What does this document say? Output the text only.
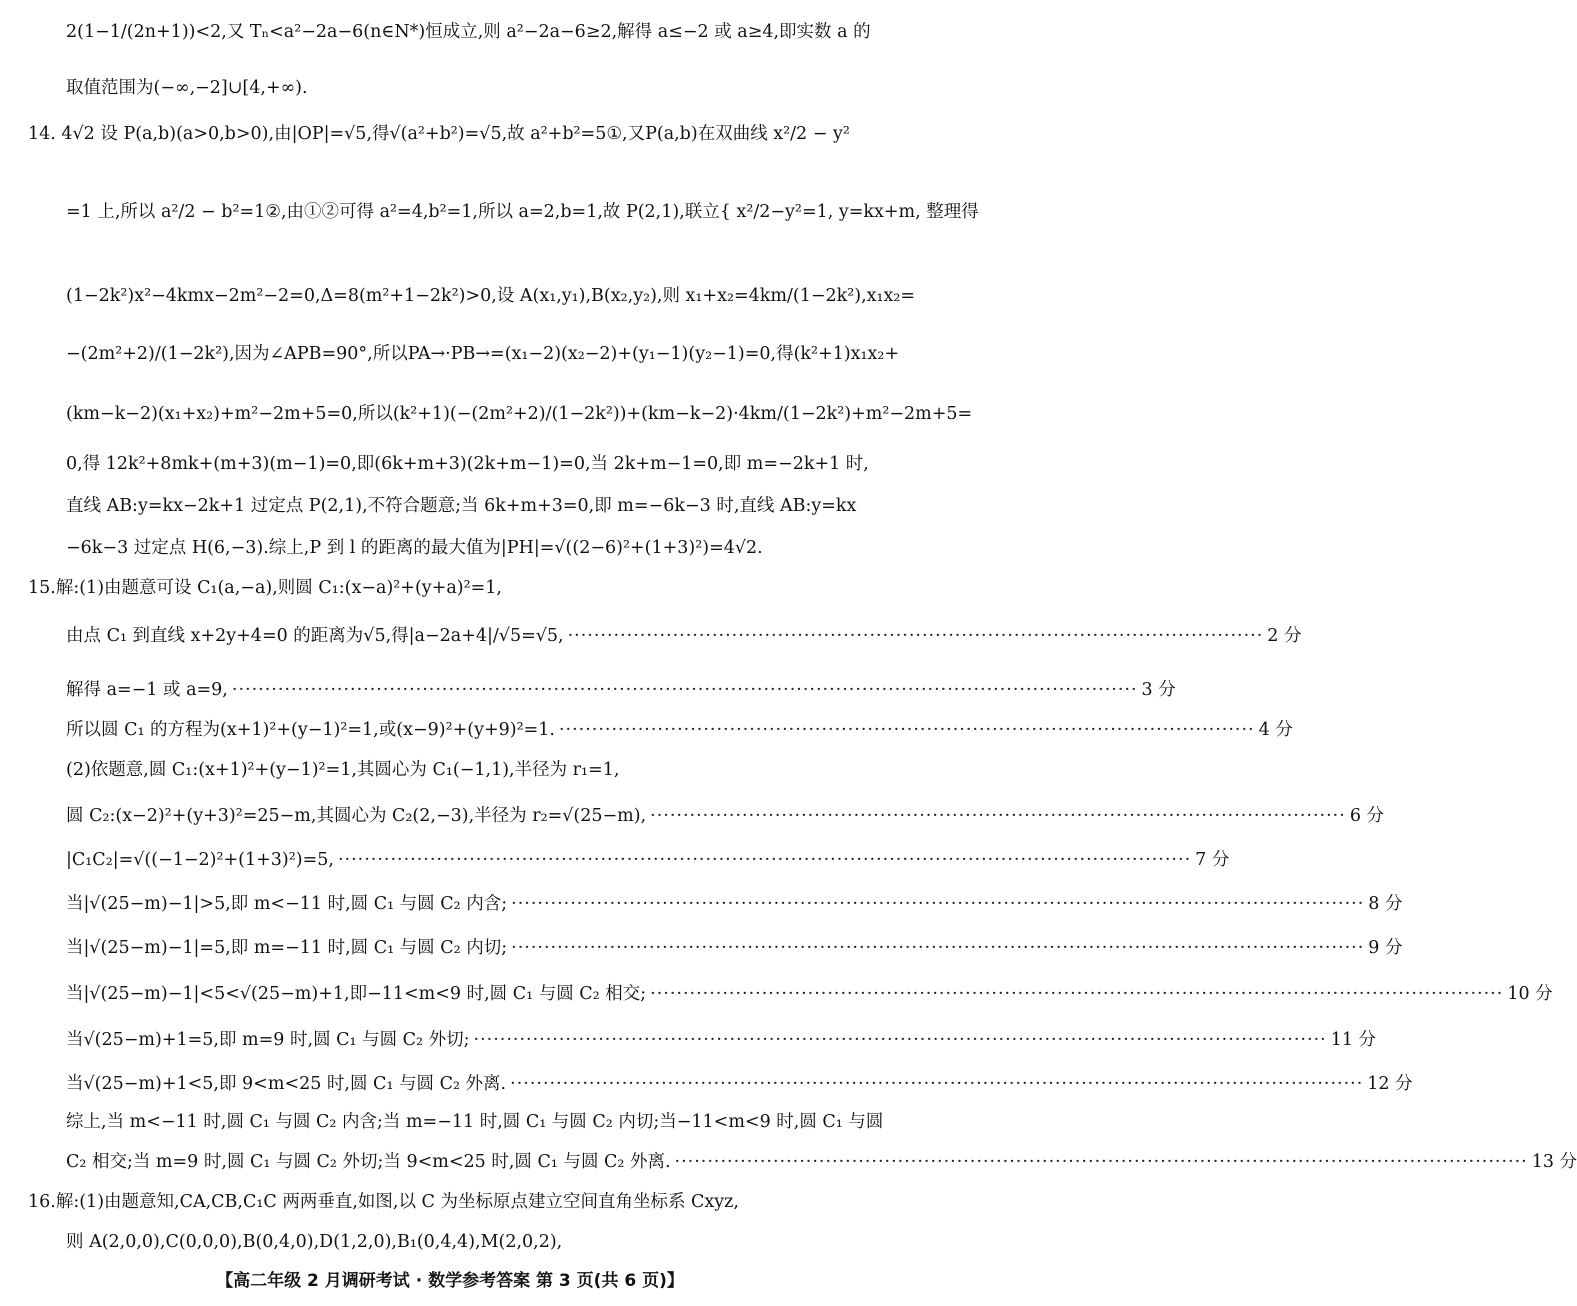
2(1−1/(2n+1))<2,又 Tₙ<a²−2a−6(n∈N*)恒成立,则 a²−2a−6≥2,解得 a≤−2 或 a≥4,即实数 a 的
取值范围为(−∞,−2]∪[4,+∞).
14. 4√2 设 P(a,b)(a>0,b>0),由|OP|=√5,得√(a²+b²)=√5,故 a²+b²=5①,又P(a,b)在双曲线 x²/2 − y²
=1 上,所以 a²/2 − b²=1②,由①②可得 a²=4,b²=1,所以 a=2,b=1,故 P(2,1),联立{ x²/2−y²=1, y=kx+m, 整理得
(1−2k²)x²−4kmx−2m²−2=0,Δ=8(m²+1−2k²)>0,设 A(x₁,y₁),B(x₂,y₂),则 x₁+x₂=4km/(1−2k²),x₁x₂=
−(2m²+2)/(1−2k²),因为∠APB=90°,所以PA→·PB→=(x₁−2)(x₂−2)+(y₁−1)(y₂−1)=0,得(k²+1)x₁x₂+
(km−k−2)(x₁+x₂)+m²−2m+5=0,所以(k²+1)(−(2m²+2)/(1−2k²))+(km−k−2)·4km/(1−2k²)+m²−2m+5=
0,得 12k²+8mk+(m+3)(m−1)=0,即(6k+m+3)(2k+m−1)=0,当 2k+m−1=0,即 m=−2k+1 时,
直线 AB:y=kx−2k+1 过定点 P(2,1),不符合题意;当 6k+m+3=0,即 m=−6k−3 时,直线 AB:y=kx
−6k−3 过定点 H(6,−3).综上,P 到 l 的距离的最大值为|PH|=√((2−6)²+(1+3)²)=4√2.
15.解:(1)由题意可设 C₁(a,−a),则圆 C₁:(x−a)²+(y+a)²=1,
由点 C₁ 到直线 x+2y+4=0 的距离为√5,得|a−2a+4|/√5=√5, ·········································································································· 2 分
解得 a=−1 或 a=9, ·········································································································································· 3 分
所以圆 C₁ 的方程为(x+1)²+(y−1)²=1,或(x−9)²+(y+9)²=1. ·········································································································· 4 分
(2)依题意,圆 C₁:(x+1)²+(y−1)²=1,其圆心为 C₁(−1,1),半径为 r₁=1,
圆 C₂:(x−2)²+(y+3)²=25−m,其圆心为 C₂(2,−3),半径为 r₂=√(25−m), ·········································································································· 6 分
|C₁C₂|=√((−1−2)²+(1+3)²)=5, ·································································································································· 7 分
当|√(25−m)−1|>5,即 m<−11 时,圆 C₁ 与圆 C₂ 内含; ·································································································································· 8 分
当|√(25−m)−1|=5,即 m=−11 时,圆 C₁ 与圆 C₂ 内切; ·································································································································· 9 分
当|√(25−m)−1|<5<√(25−m)+1,即−11<m<9 时,圆 C₁ 与圆 C₂ 相交; ·································································································································· 10 分
当√(25−m)+1=5,即 m=9 时,圆 C₁ 与圆 C₂ 外切; ·································································································································· 11 分
当√(25−m)+1<5,即 9<m<25 时,圆 C₁ 与圆 C₂ 外离. ·································································································································· 12 分
综上,当 m<−11 时,圆 C₁ 与圆 C₂ 内含;当 m=−11 时,圆 C₁ 与圆 C₂ 内切;当−11<m<9 时,圆 C₁ 与圆
C₂ 相交;当 m=9 时,圆 C₁ 与圆 C₂ 外切;当 9<m<25 时,圆 C₁ 与圆 C₂ 外离. ·································································································································· 13 分
16.解:(1)由题意知,CA,CB,C₁C 两两垂直,如图,以 C 为坐标原点建立空间直角坐标系 Cxyz,
则 A(2,0,0),C(0,0,0),B(0,4,0),D(1,2,0),B₁(0,4,4),M(2,0,2),
【高二年级 2 月调研考试 · 数学参考答案 第 3 页(共 6 页)】
